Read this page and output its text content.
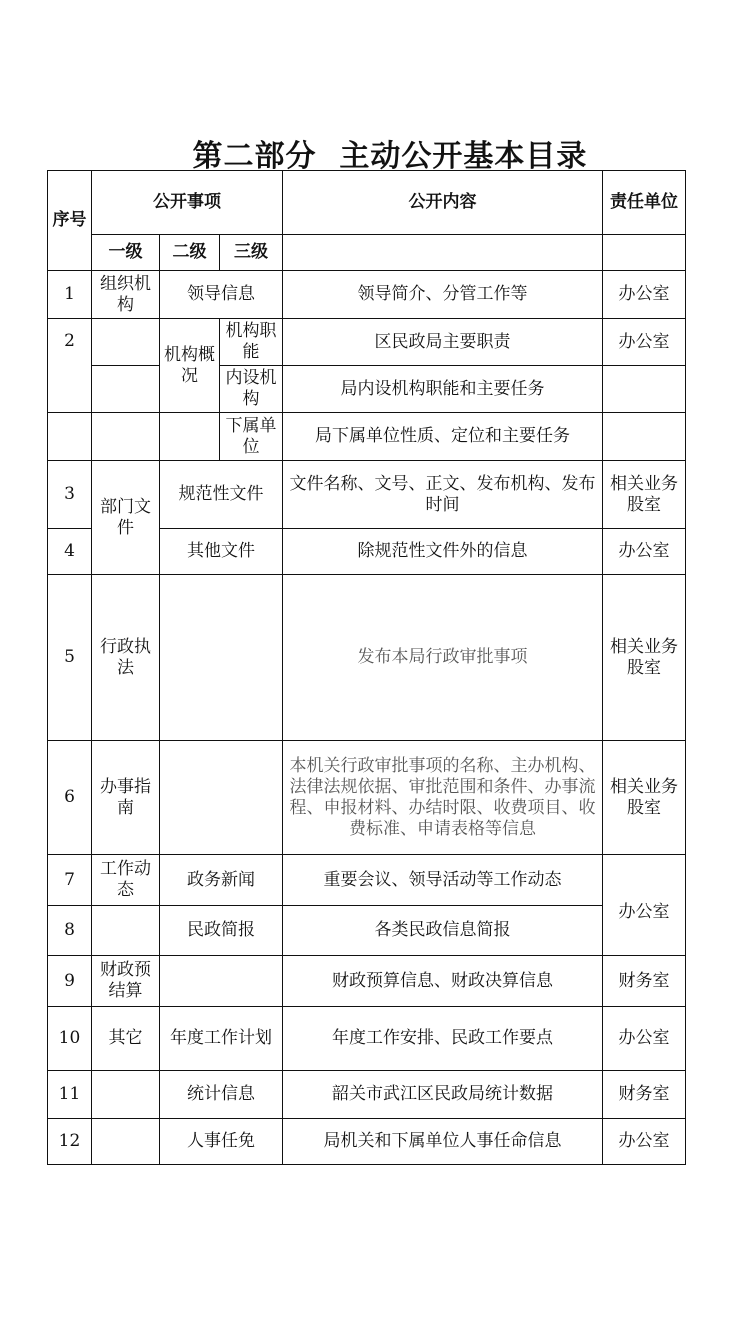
第二部分  主动公开基本目录
序号	公开事项			公开内容	责任单位
	一级	二级	三级		
1	组织机构	领导信息		领导简介、分管工作等	办公室
2		机构概况	机构职能	区民政局主要职责	办公室
			内设机构	局内设机构职能和主要任务	
			下属单位	局下属单位性质、定位和主要任务	
3	部门文件	规范性文件		文件名称、文号、正文、发布机构、发布时间	相关业务股室
4		其他文件		除规范性文件外的信息	办公室
5	行政执法			发布本局行政审批事项	相关业务股室
6	办事指南			本机关行政审批事项的名称、主办机构、法律法规依据、审批范围和条件、办事流程、申报材料、办结时限、收费项目、收费标准、申请表格等信息	相关业务股室
7	工作动态	政务新闻		重要会议、领导活动等工作动态	办公室
8		民政简报		各类民政信息简报	
9	财政预结算			财政预算信息、财政决算信息	财务室
10	其它	年度工作计划		年度工作安排、民政工作要点	办公室
11		统计信息		韶关市武江区民政局统计数据	财务室
12		人事任免		局机关和下属单位人事任命信息	办公室
